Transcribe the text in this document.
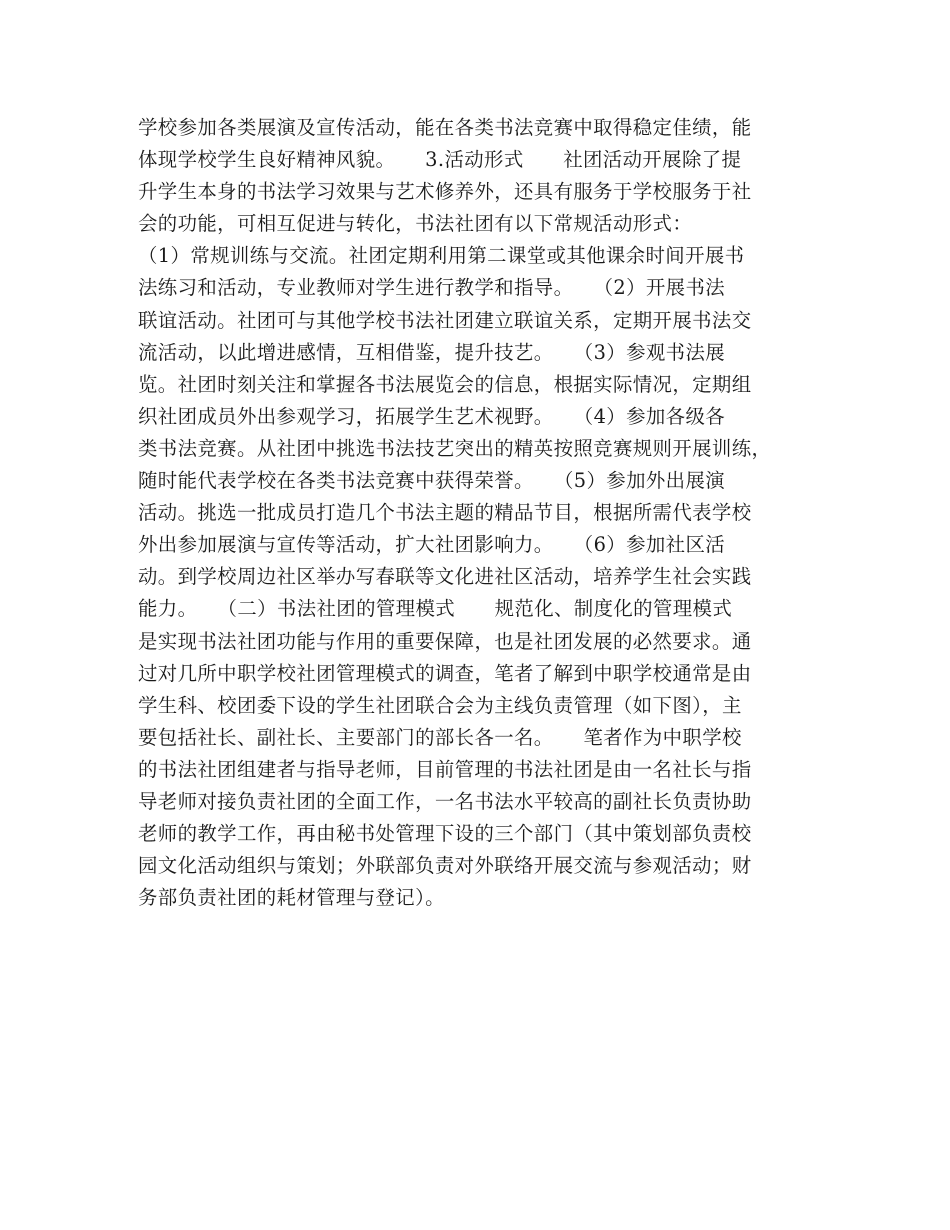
学校参加各类展演及宣传活动，能在各类书法竞赛中取得稳定佳绩，能
体现学校学生良好精神风貌。　　3.活动形式　　社团活动开展除了提
升学生本身的书法学习效果与艺术修养外，还具有服务于学校服务于社
会的功能，可相互促进与转化，书法社团有以下常规活动形式：
（1）常规训练与交流。社团定期利用第二课堂或其他课余时间开展书
法练习和活动，专业教师对学生进行教学和指导。　　（2）开展书法
联谊活动。社团可与其他学校书法社团建立联谊关系，定期开展书法交
流活动，以此增进感情，互相借鉴，提升技艺。　　（3）参观书法展
览。社团时刻关注和掌握各书法展览会的信息，根据实际情况，定期组
织社团成员外出参观学习，拓展学生艺术视野。　　（4）参加各级各
类书法竞赛。从社团中挑选书法技艺突出的精英按照竞赛规则开展训练，
随时能代表学校在各类书法竞赛中获得荣誉。　　（5）参加外出展演
活动。挑选一批成员打造几个书法主题的精品节目，根据所需代表学校
外出参加展演与宣传等活动，扩大社团影响力。　　（6）参加社区活
动。到学校周边社区举办写春联等文化进社区活动，培养学生社会实践
能力。　　（二）书法社团的管理模式　　规范化、制度化的管理模式
是实现书法社团功能与作用的重要保障，也是社团发展的必然要求。通
过对几所中职学校社团管理模式的调查，笔者了解到中职学校通常是由
学生科、校团委下设的学生社团联合会为主线负责管理（如下图），主
要包括社长、副社长、主要部门的部长各一名。　　笔者作为中职学校
的书法社团组建者与指导老师，目前管理的书法社团是由一名社长与指
导老师对接负责社团的全面工作，一名书法水平较高的副社长负责协助
老师的教学工作，再由秘书处管理下设的三个部门（其中策划部负责校
园文化活动组织与策划；外联部负责对外联络开展交流与参观活动；财
务部负责社团的耗材管理与登记）。
